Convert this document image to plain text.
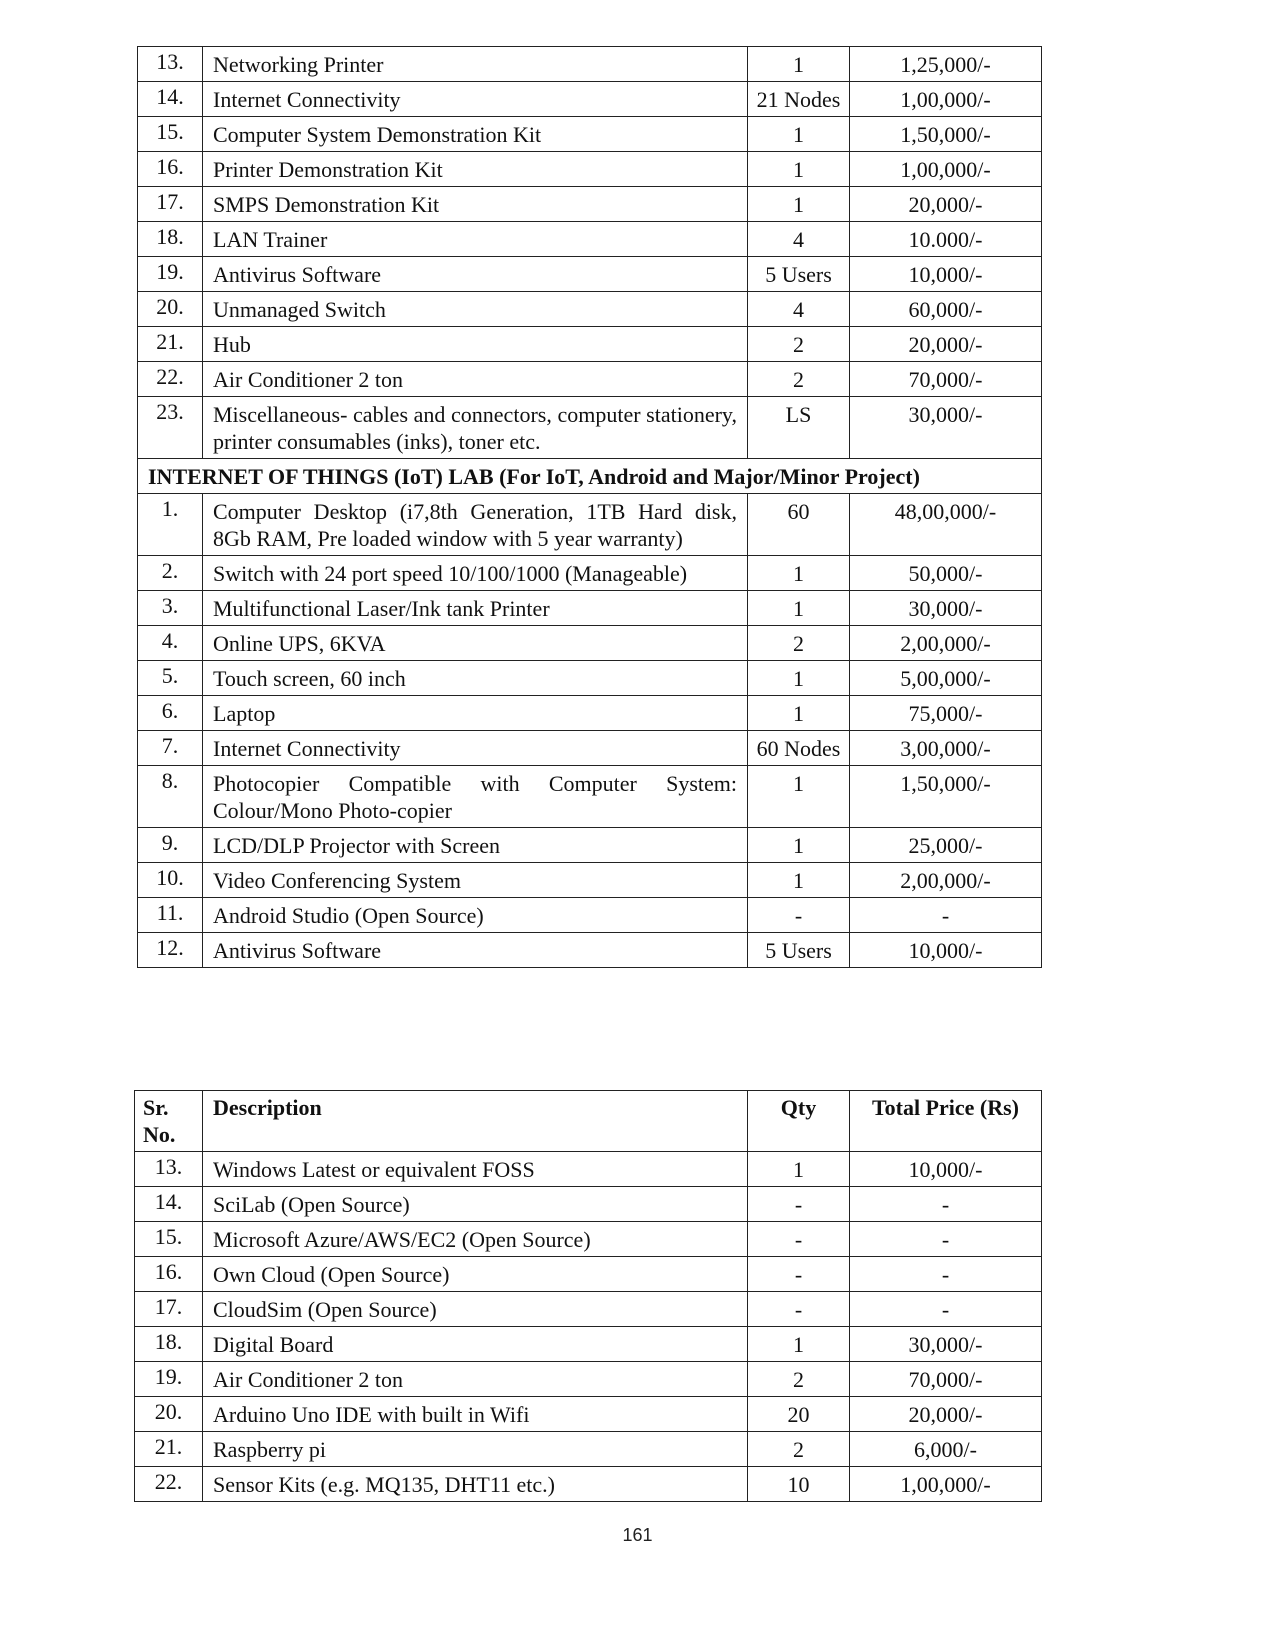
13.	Networking Printer	1	1,25,000/-
14.	Internet Connectivity	21 Nodes	1,00,000/-
15.	Computer System Demonstration Kit	1	1,50,000/-
16.	Printer Demonstration Kit	1	1,00,000/-
17.	SMPS Demonstration Kit	1	20,000/-
18.	LAN Trainer	4	10.000/-
19.	Antivirus Software	5 Users	10,000/-
20.	Unmanaged Switch	4	60,000/-
21.	Hub	2	20,000/-
22.	Air Conditioner 2 ton	2	70,000/-
23.	Miscellaneous- cables and connectors, computer stationery, printer consumables (inks), toner etc.	LS	30,000/-
INTERNET OF THINGS (IoT) LAB (For IoT, Android and Major/Minor Project)			
1.	Computer Desktop (i7,8th Generation, 1TB Hard disk, 8Gb RAM, Pre loaded window with 5 year warranty)	60	48,00,000/-
2.	Switch with 24 port speed 10/100/1000 (Manageable)	1	50,000/-
3.	Multifunctional Laser/Ink tank Printer	1	30,000/-
4.	Online UPS, 6KVA	2	2,00,000/-
5.	Touch screen, 60 inch	1	5,00,000/-
6.	Laptop	1	75,000/-
7.	Internet Connectivity	60 Nodes	3,00,000/-
8.	Photocopier Compatible with Computer System: Colour/Mono Photo-copier	1	1,50,000/-
9.	LCD/DLP Projector with Screen	1	25,000/-
10.	Video Conferencing System	1	2,00,000/-
11.	Android Studio (Open Source)	-	-
12.	Antivirus Software	5 Users	10,000/-
Sr. No.	Description	Qty	Total Price (Rs)
13.	Windows Latest or equivalent FOSS	1	10,000/-
14.	SciLab (Open Source)	-	-
15.	Microsoft Azure/AWS/EC2 (Open Source)	-	-
16.	Own Cloud (Open Source)	-	-
17.	CloudSim (Open Source)	-	-
18.	Digital Board	1	30,000/-
19.	Air Conditioner 2 ton	2	70,000/-
20.	Arduino Uno IDE with built in Wifi	20	20,000/-
21.	Raspberry pi	2	6,000/-
22.	Sensor Kits (e.g. MQ135, DHT11 etc.)	10	1,00,000/-
161
